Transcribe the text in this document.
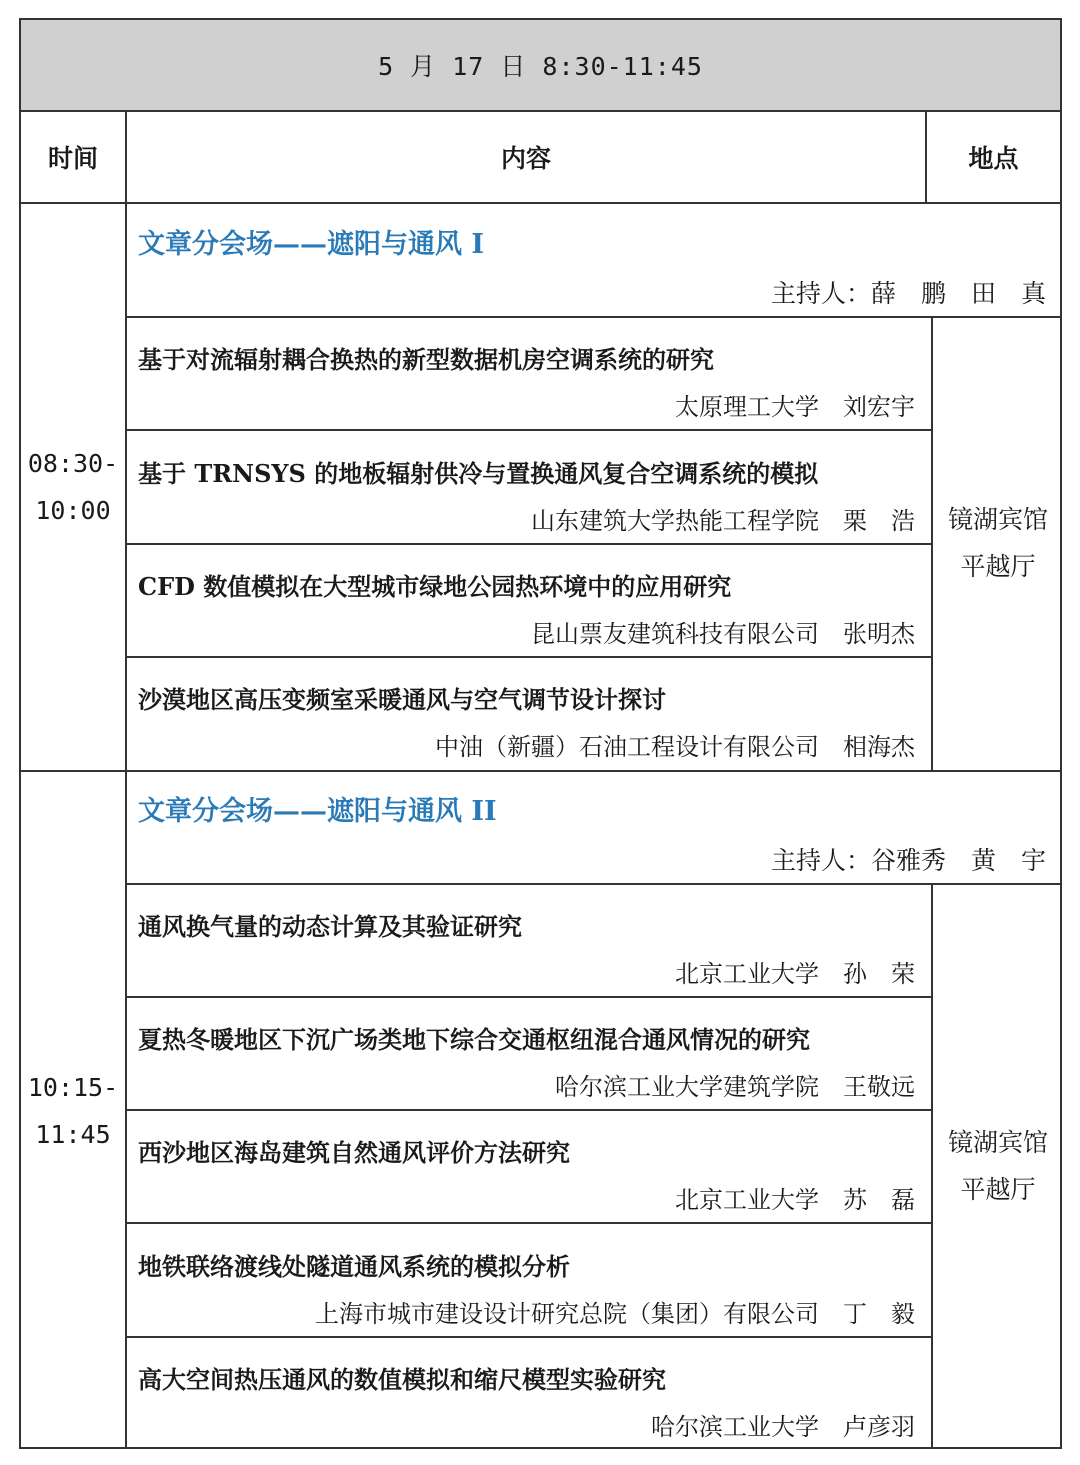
5 月 17 日 8:30-11:45
时间	内容	地点
08:30-
10:00
文章分会场——遮阳与通风 I
主持人：薛　鹏　田　真
镜湖宾馆
平越厅
基于对流辐射耦合换热的新型数据机房空调系统的研究
太原理工大学　刘宏宇
基于 TRNSYS 的地板辐射供冷与置换通风复合空调系统的模拟
山东建筑大学热能工程学院　栗　浩
CFD 数值模拟在大型城市绿地公园热环境中的应用研究
昆山票友建筑科技有限公司　张明杰
沙漠地区高压变频室采暖通风与空气调节设计探讨
中油（新疆）石油工程设计有限公司　相海杰
10:15-
11:45
文章分会场——遮阳与通风 II
主持人：谷雅秀　黄　宇
镜湖宾馆
平越厅
通风换气量的动态计算及其验证研究
北京工业大学　孙　荣
夏热冬暖地区下沉广场类地下综合交通枢纽混合通风情况的研究
哈尔滨工业大学建筑学院　王敬远
西沙地区海岛建筑自然通风评价方法研究
北京工业大学　苏　磊
地铁联络渡线处隧道通风系统的模拟分析
上海市城市建设设计研究总院（集团）有限公司　丁　毅
高大空间热压通风的数值模拟和缩尺模型实验研究
哈尔滨工业大学　卢彦羽
